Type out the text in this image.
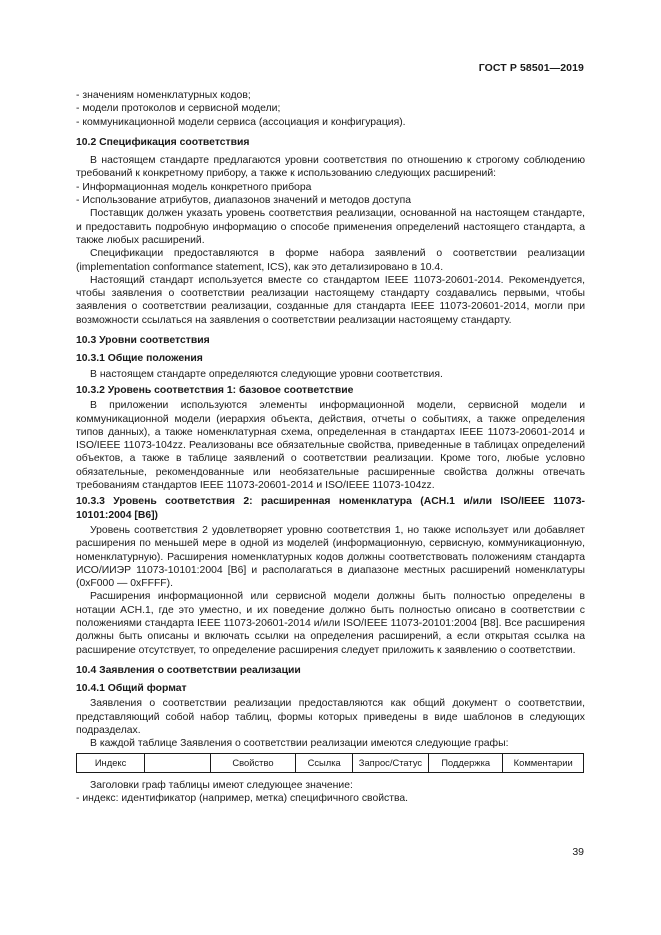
ГОСТ Р 58501—2019

- значениям номенклатурных кодов;

- модели протоколов и сервисной модели;

- коммуникационной модели сервиса (ассоциация и конфигурация).

10.2 Спецификация соответствия

В настоящем стандарте предлагаются уровни соответствия по отношению к строгому соблюдению требований к конкретному прибору, а также к использованию следующих расширений:

- Информационная модель конкретного прибора

- Использование атрибутов, диапазонов значений и методов доступа

Поставщик должен указать уровень соответствия реализации, основанной на настоящем стандарте, и предоставить подробную информацию о способе применения определений настоящего стандарта, а также любых расширений.

Спецификации предоставляются в форме набора заявлений о соответствии реализации (implementation conformance statement, ICS), как это детализировано в 10.4.

Настоящий стандарт используется вместе со стандартом IEEE 11073-20601-2014. Рекомендуется, чтобы заявления о соответствии реализации настоящему стандарту создавались первыми, чтобы заявления о соответствии реализации, созданные для стандарта IEEE 11073-20601-2014, могли при возможности ссылаться на заявления о соответствии реализации настоящему стандарту.

10.3 Уровни соответствия

10.3.1 Общие положения

В настоящем стандарте определяются следующие уровни соответствия.

10.3.2 Уровень соответствия 1: базовое соответствие

В приложении используются элементы информационной модели, сервисной модели и коммуникационной модели (иерархия объекта, действия, отчеты о событиях, а также определения типов данных), а также номенклатурная схема, определенная в стандартах IEEE 11073-20601-2014 и ISO/IEEE 11073-104zz. Реализованы все обязательные свойства, приведенные в таблицах определений объектов, а также в таблице заявлений о соответствии реализации. Кроме того, любые условно обязательные, рекомендованные или необязательные расширенные свойства должны отвечать требованиям стандартов IEEE 11073-20601-2014 и ISO/IEEE 11073-104zz.

10.3.3 Уровень соответствия 2: расширенная номенклатура (ACH.1 и/или ISO/IEEE 11073-10101:2004 [B6])

Уровень соответствия 2 удовлетворяет уровню соответствия 1, но также использует или добавляет расширения по меньшей мере в одной из моделей (информационную, сервисную, коммуникационную, номенклатурную). Расширения номенклатурных кодов должны соответствовать положениям стандарта ИСО/ИИЭР 11073-10101:2004 [B6] и располагаться в диапазоне местных расширений номенклатуры (0xF000 — 0xFFFF).

Расширения информационной или сервисной модели должны быть полностью определены в нотации ACH.1, где это уместно, и их поведение должно быть полностью описано в соответствии с положениями стандарта IEEE 11073-20601-2014 и/или ISO/IEEE 11073-20101:2004 [B8]. Все расширения должны быть описаны и включать ссылки на определения расширений, а если открытая ссылка на расширение отсутствует, то определение расширения следует приложить к заявлению о соответствии.

10.4 Заявления о соответствии реализации

10.4.1 Общий формат

Заявления о соответствии реализации предоставляются как общий документ о соответствии, представляющий собой набор таблиц, формы которых приведены в виде шаблонов в следующих подразделах.

В каждой таблице Заявления о соответствии реализации имеются следующие графы:

Индекс		Свойство	Ссылка	Запрос/Статус	Поддержка	Комментарии

Заголовки граф таблицы имеют следующее значение:

- индекс: идентификатор (например, метка) специфичного свойства.

39
